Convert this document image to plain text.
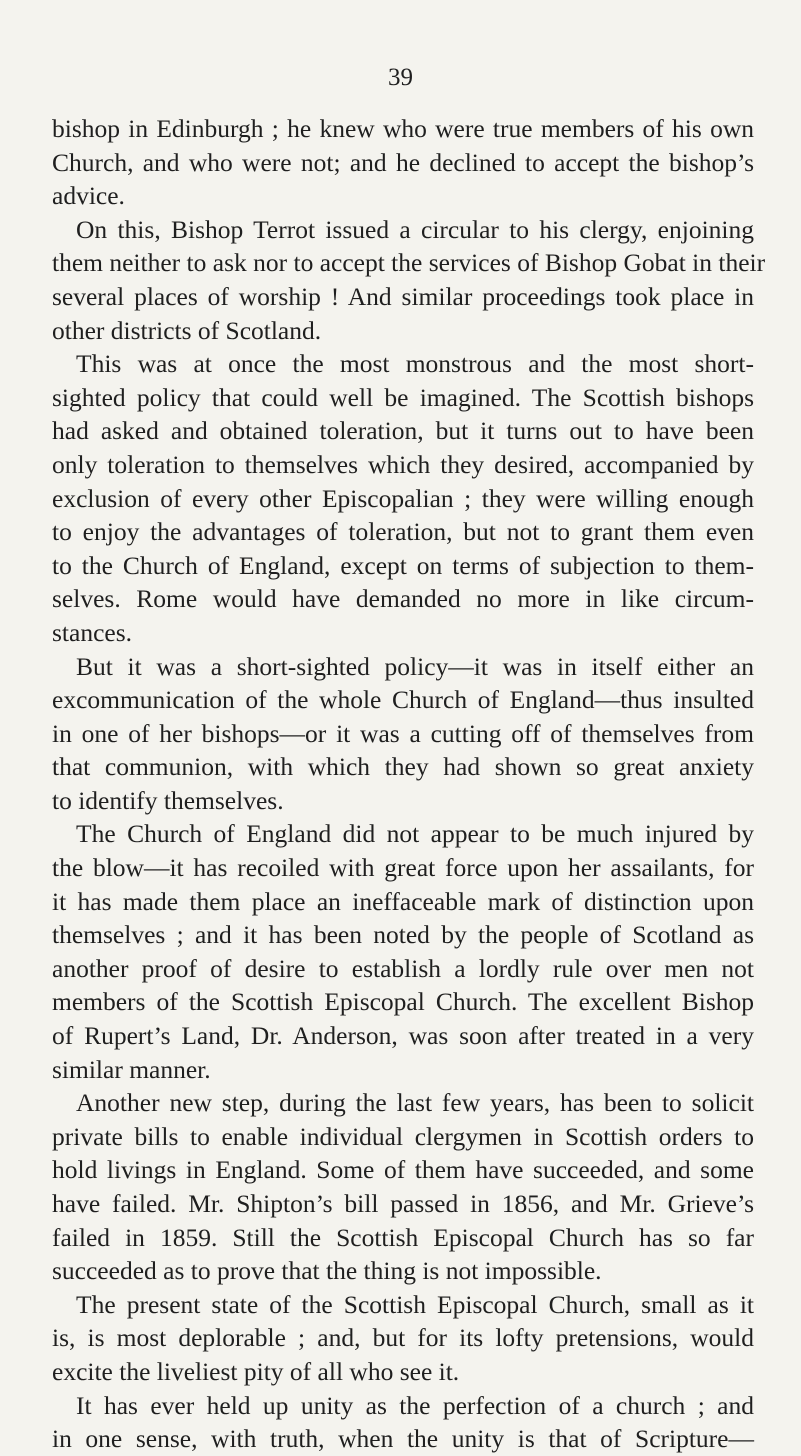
39
bishop in Edinburgh ; he knew who were true members of his own
Church, and who were not; and he declined to accept the bishop’s
advice.
On this, Bishop Terrot issued a circular to his clergy, enjoining
them neither to ask nor to accept the services of Bishop Gobat in their
several places of worship ! And similar proceedings took place in
other districts of Scotland.
This was at once the most monstrous and the most short-
sighted policy that could well be imagined. The Scottish bishops
had asked and obtained toleration, but it turns out to have been
only toleration to themselves which they desired, accompanied by
exclusion of every other Episcopalian ; they were willing enough
to enjoy the advantages of toleration, but not to grant them even
to the Church of England, except on terms of subjection to them-
selves. Rome would have demanded no more in like circum-
stances.
But it was a short-sighted policy—it was in itself either an
excommunication of the whole Church of England—thus insulted
in one of her bishops—or it was a cutting off of themselves from
that communion, with which they had shown so great anxiety
to identify themselves.
The Church of England did not appear to be much injured by
the blow—it has recoiled with great force upon her assailants, for
it has made them place an ineffaceable mark of distinction upon
themselves ; and it has been noted by the people of Scotland as
another proof of desire to establish a lordly rule over men not
members of the Scottish Episcopal Church. The excellent Bishop
of Rupert’s Land, Dr. Anderson, was soon after treated in a very
similar manner.
Another new step, during the last few years, has been to solicit
private bills to enable individual clergymen in Scottish orders to
hold livings in England. Some of them have succeeded, and some
have failed. Mr. Shipton’s bill passed in 1856, and Mr. Grieve’s
failed in 1859. Still the Scottish Episcopal Church has so far
succeeded as to prove that the thing is not impossible.
The present state of the Scottish Episcopal Church, small as it
is, is most deplorable ; and, but for its lofty pretensions, would
excite the liveliest pity of all who see it.
It has ever held up unity as the perfection of a church ; and
in one sense, with truth, when the unity is that of Scripture—
